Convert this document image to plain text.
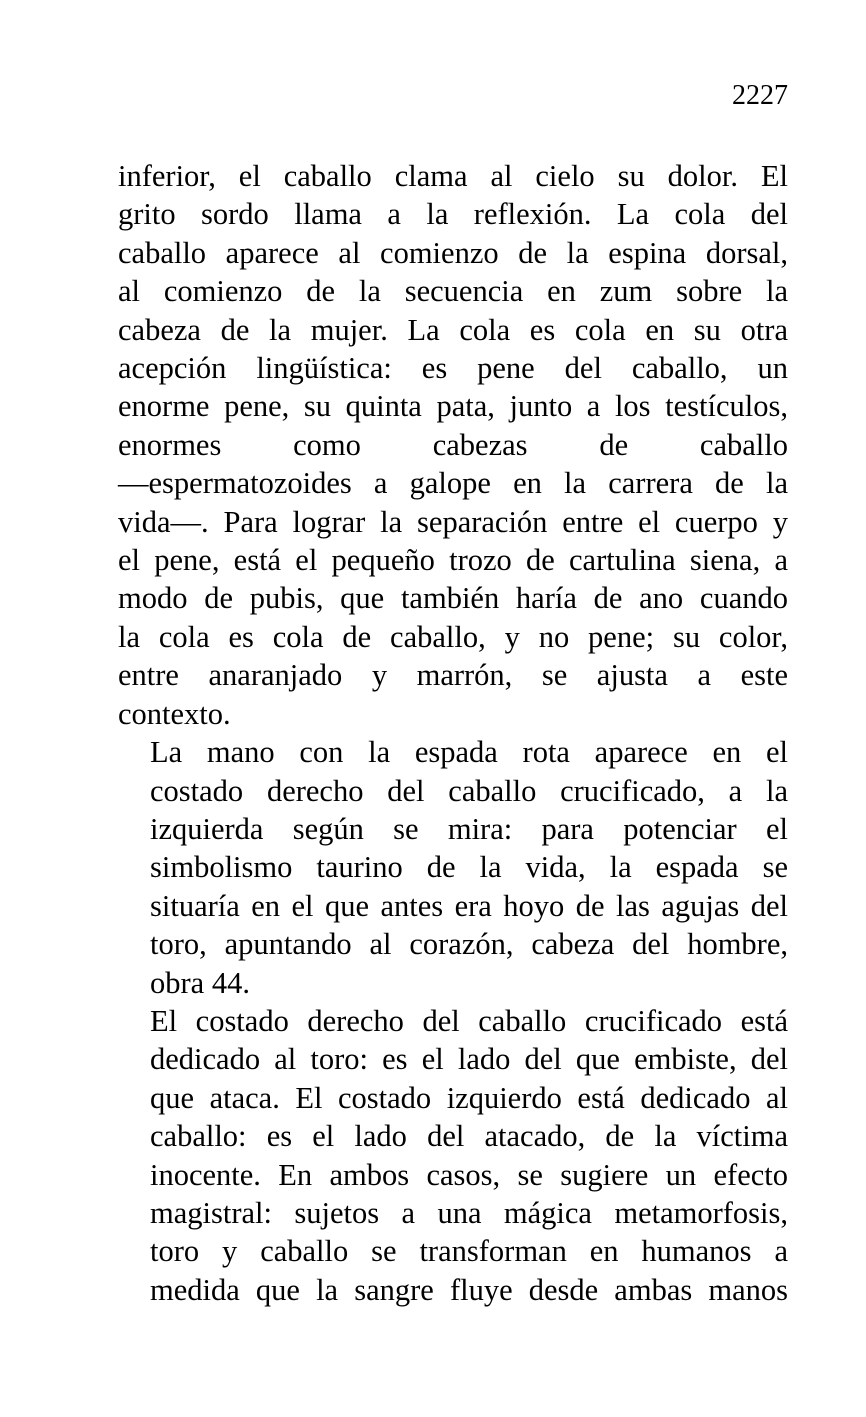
2227

inferior, el caballo clama al cielo su dolor. El
grito sordo llama a la reflexión. La cola del
caballo aparece al comienzo de la espina dorsal,
al comienzo de la secuencia en zum sobre la
cabeza de la mujer. La cola es cola en su otra
acepción lingüística: es pene del caballo, un
enorme pene, su quinta pata, junto a los testículos,
enormes como cabezas de caballo
—espermatozoides a galope en la carrera de la
vida—. Para lograr la separación entre el cuerpo y
el pene, está el pequeño trozo de cartulina siena, a
modo de pubis, que también haría de ano cuando
la cola es cola de caballo, y no pene; su color,
entre anaranjado y marrón, se ajusta a este
contexto.

La mano con la espada rota aparece en el
costado derecho del caballo crucificado, a la
izquierda según se mira: para potenciar el
simbolismo taurino de la vida, la espada se
situaría en el que antes era hoyo de las agujas del
toro, apuntando al corazón, cabeza del hombre,
obra 44.

El costado derecho del caballo crucificado está
dedicado al toro: es el lado del que embiste, del
que ataca. El costado izquierdo está dedicado al
caballo: es el lado del atacado, de la víctima
inocente. En ambos casos, se sugiere un efecto
magistral: sujetos a una mágica metamorfosis,
toro y caballo se transforman en humanos a
medida que la sangre fluye desde ambas manos
